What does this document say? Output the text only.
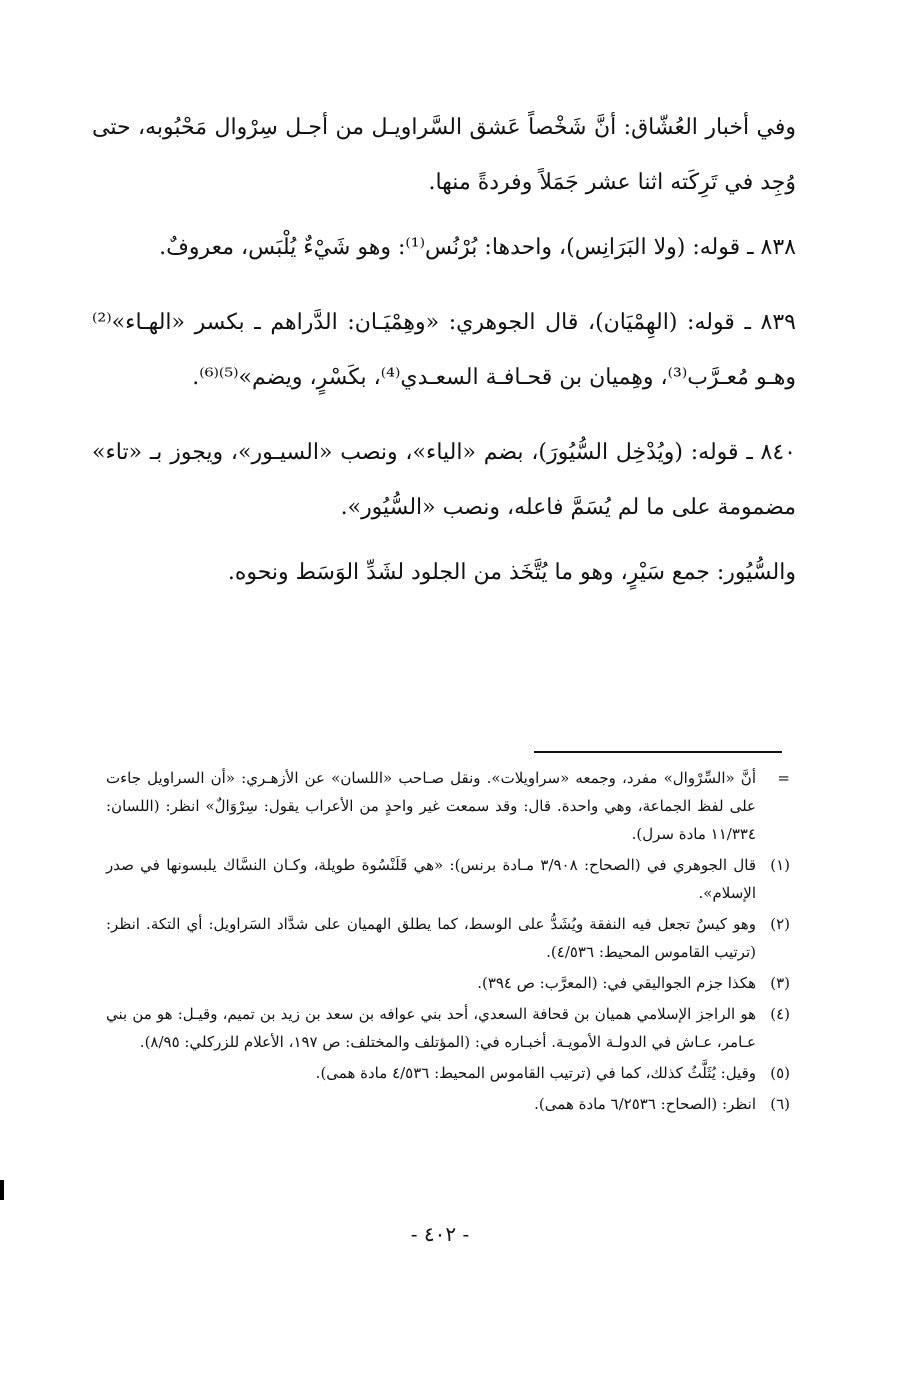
وفي أخبار العُشّاق: أنَّ شَخْصاً عَشق السَّراويـل من أجـل سِرْوال مَحْبُوبه، حتى وُجِد في تَرِكَته اثنا عشر جَمَلاً وفردةً منها.

٨٣٨ ـ قوله: (ولا البَرَانِس)، واحدها: بُرْنُس⁽¹⁾: وهو شَيْءٌ يُلْبَس، معروفٌ.

٨٣٩ ـ قوله: (الهِمْيَان)، قال الجوهري: «وهِمْيَـان: الدَّراهم ـ بكسر «الهـاء»⁽²⁾ وهـو مُعـرَّب⁽³⁾، وهِميان بن قحـافـة السعـدي⁽⁴⁾، بكَسْرٍ، ويضم»⁽⁵⁾⁽⁶⁾.

٨٤٠ ـ قوله: (ويُدْخِل السُّيُورَ)، بضم «الياء»، ونصب «السيـور»، ويجوز بـ «تاء» مضمومة على ما لم يُسَمَّ فاعله، ونصب «السُّيُور».

والسُّيُور: جمع سَيْرٍ، وهو ما يُتَّخَذ من الجلود لشَدِّ الوَسَط ونحوه.

=
أنَّ «السِّرْوال» مفرد، وجمعه «سراويلات». ونقل صـاحب «اللسان» عن الأزهـري: «أن السراويل جاءت على لفظ الجماعة، وهي واحدة. قال: وقد سمعت غير واحدٍ من الأعراب يقول: سِرْوَالٌ» انظر: (اللسان: ١١/٣٣٤ مادة سرل).
(١)
قال الجوهري في (الصحاح: ٣/٩٠٨ مـادة برنس): «هي قَلَنْسُوة طويلة، وكـان النسَّاك يلبسونها في صدر الإسلام».
(٢)
وهو كيسٌ تجعل فيه النفقة ويُشَدُّ على الوسط، كما يطلق الهميان على شدَّاد السَراويل: أي التكة. انظر: (ترتيب القاموس المحيط: ٤/٥٣٦).
(٣)
هكذا جزم الجواليقي في: (المعرَّب: ص ٣٩٤).
(٤)
هو الراجز الإسلامي هميان بن قحافة السعدي، أحد بني عوافه بن سعد بن زيد بن تميم، وقيـل: هو من بني عـامر، عـاش في الدولـة الأمويـة. أخبـاره في: (المؤتلف والمختلف: ص ١٩٧، الأعلام للزركلي: ٨/٩٥).
(٥)
وقيل: يُثَلَّثُ كذلك، كما في (ترتيب القاموس المحيط: ٤/٥٣٦ مادة همى).
(٦)
انظر: (الصحاح: ٦/٢٥٣٦ مادة همى).
- ٤٠٢ -
